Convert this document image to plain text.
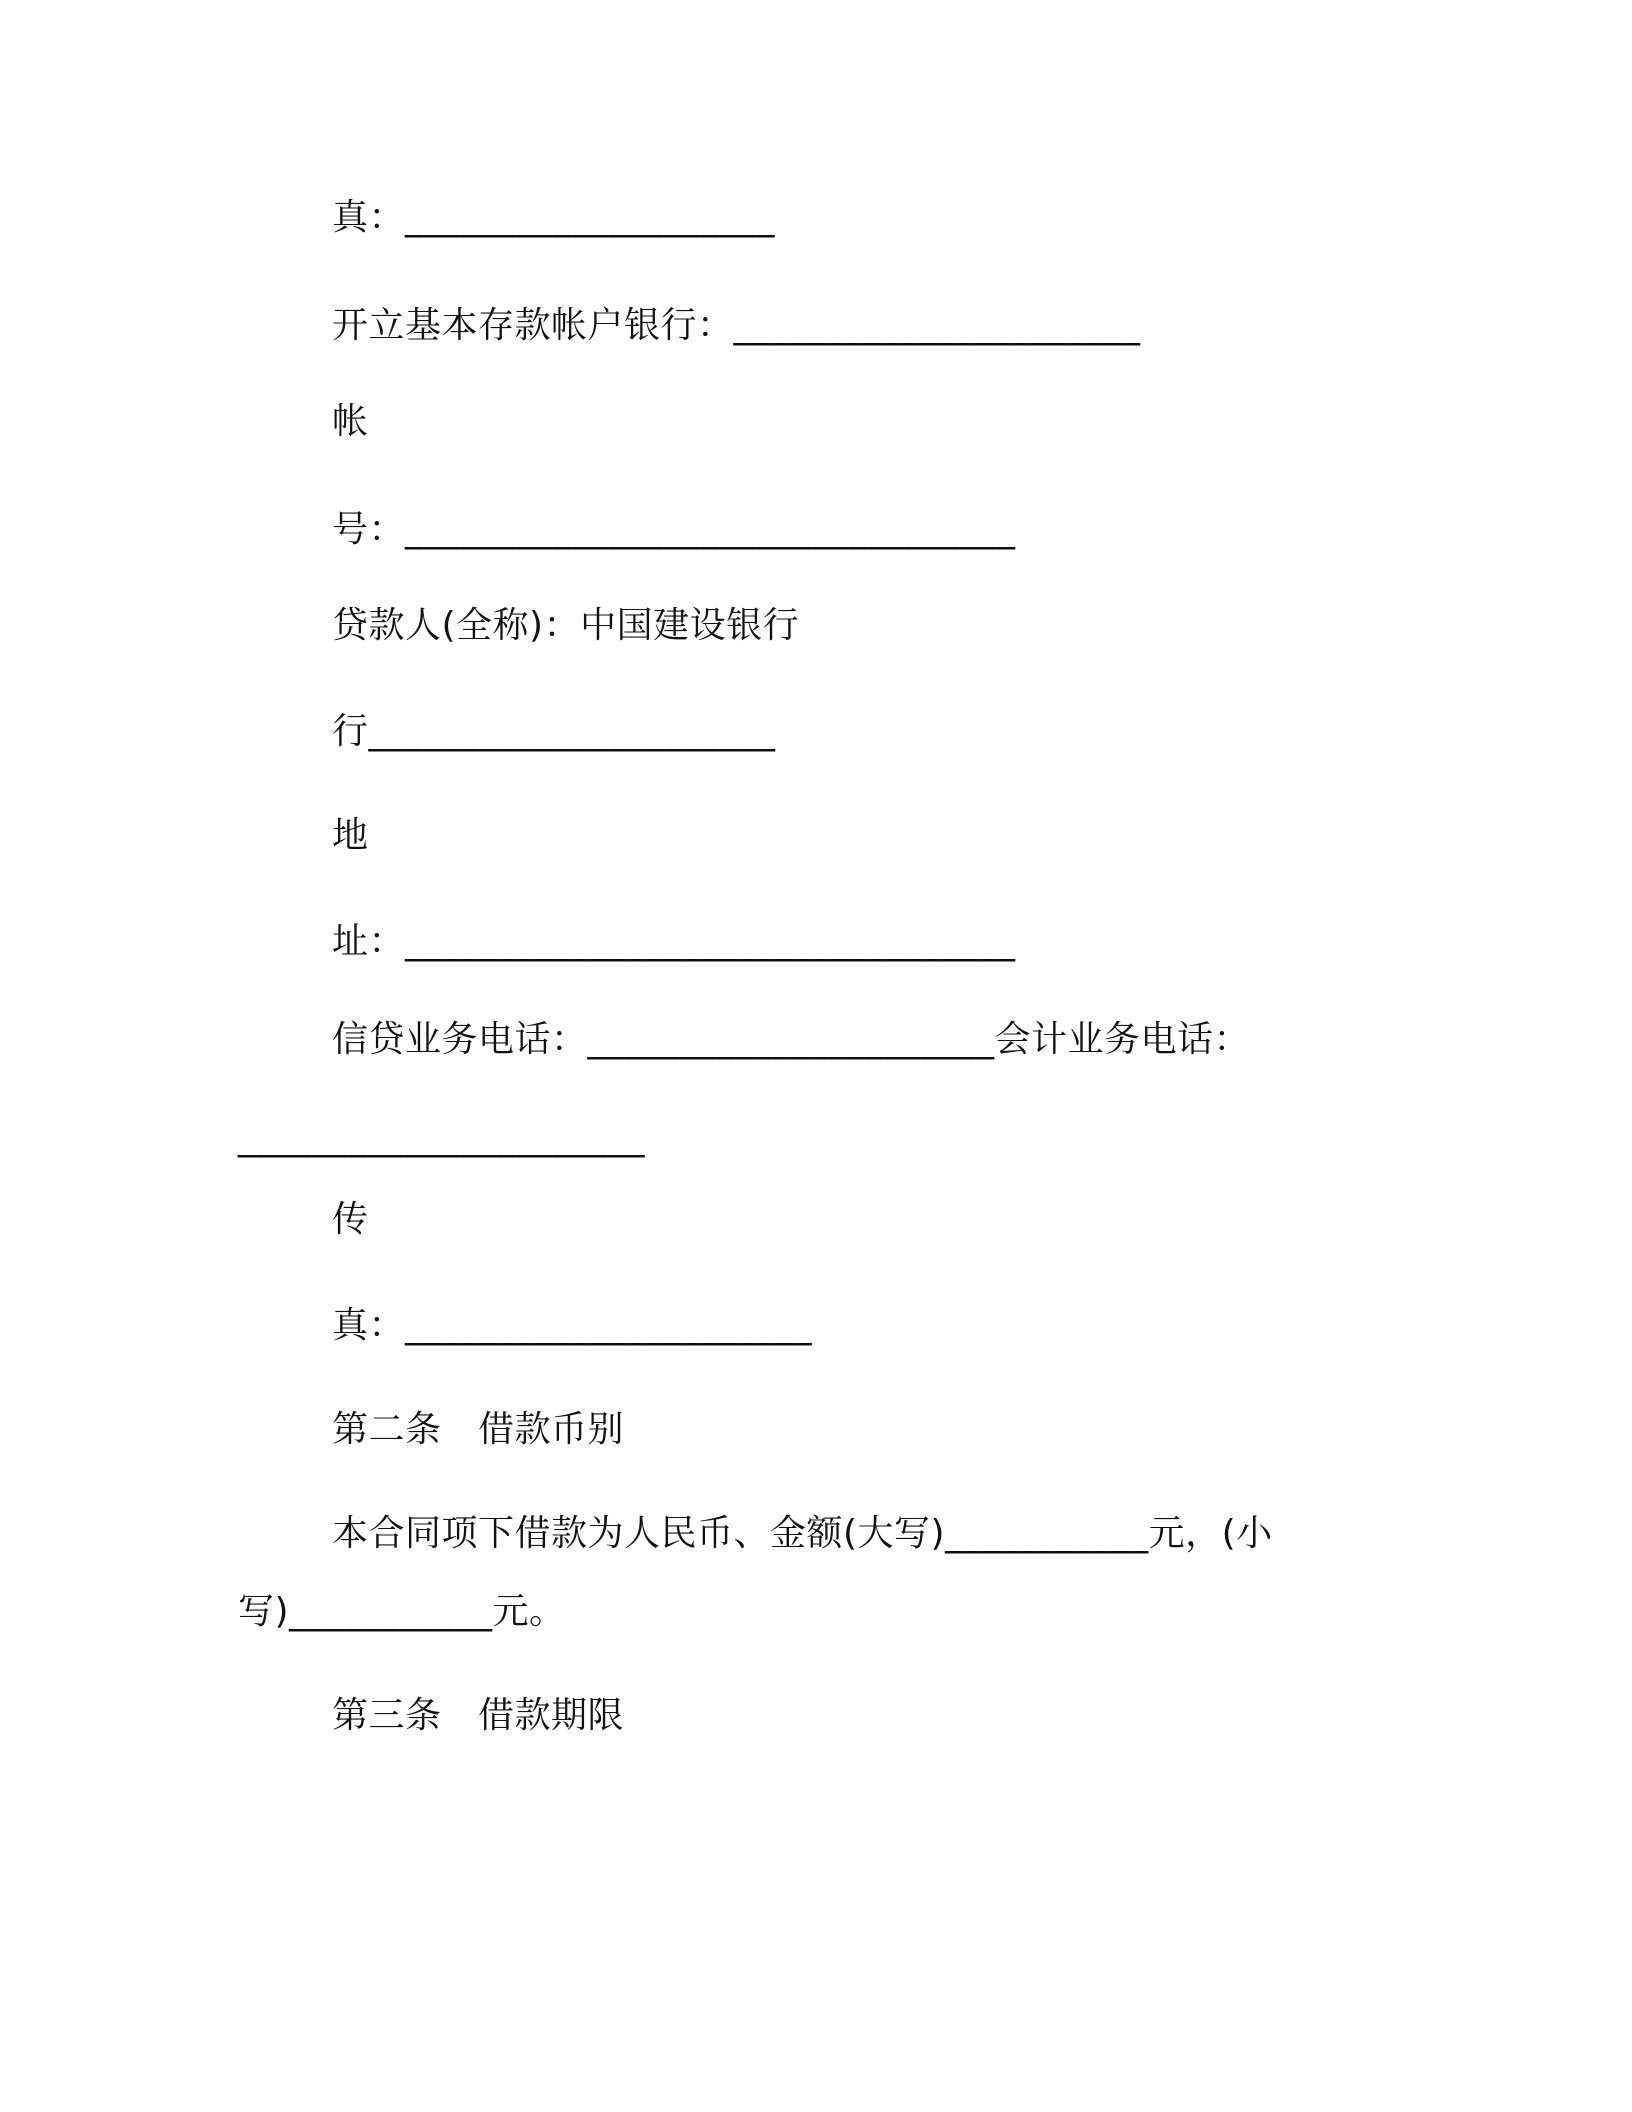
真：____________________
开立基本存款帐户银行：______________________
帐
号：_________________________________
贷款人(全称)：中国建设银行
行______________________
地
址：_________________________________
信贷业务电话：______________________会计业务电话：
______________________
传
真：______________________
第二条　借款币别
本合同项下借款为人民币、金额(大写)___________元，(小
写)___________元。
第三条　借款期限
